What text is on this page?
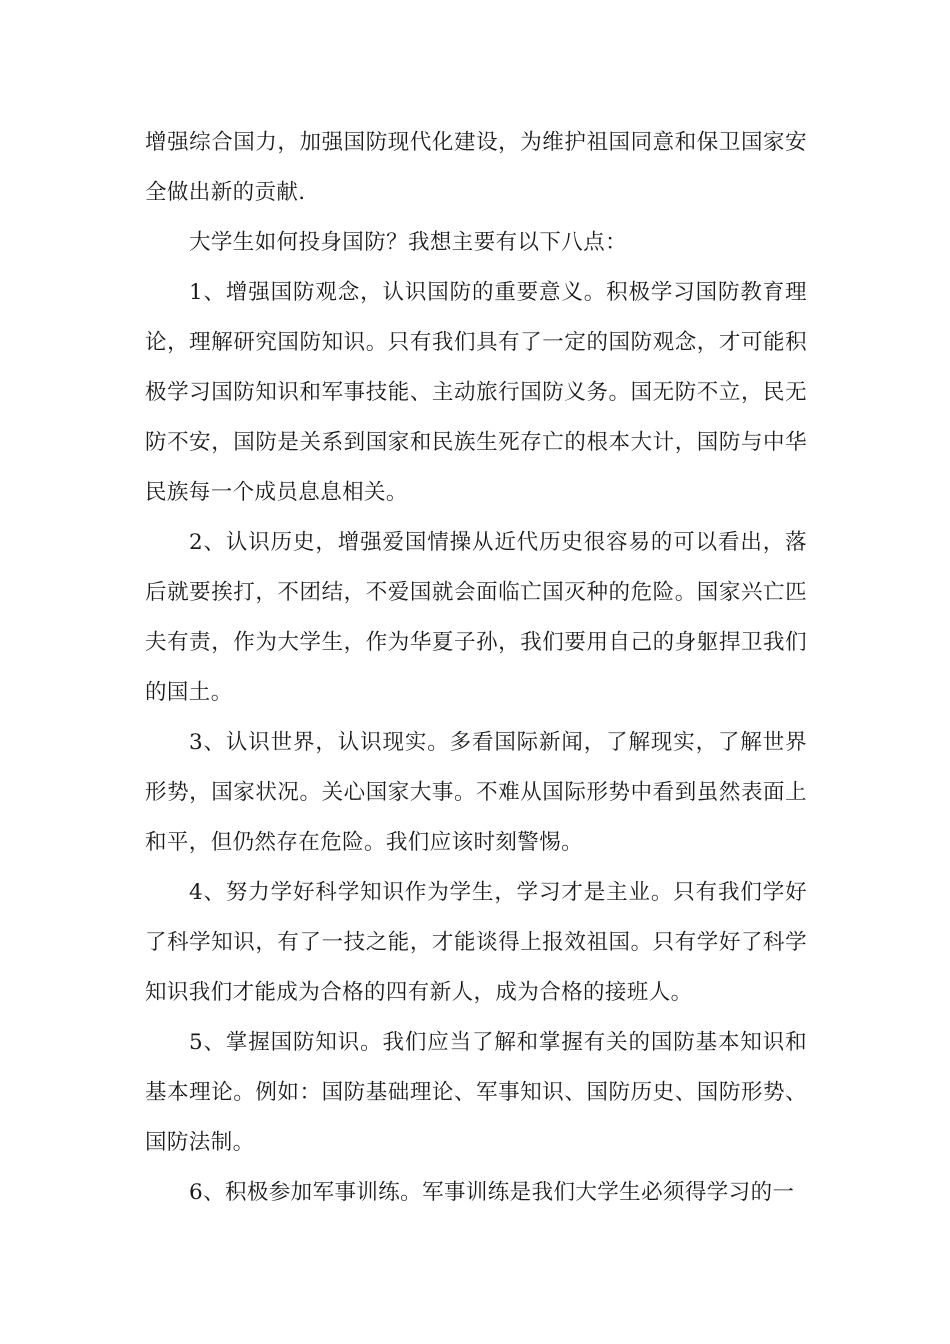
增强综合国力，加强国防现代化建设，为维护祖国同意和保卫国家安全做出新的贡献.

大学生如何投身国防？我想主要有以下八点：

1、增强国防观念，认识国防的重要意义。积极学习国防教育理论，理解研究国防知识。只有我们具有了一定的国防观念，才可能积极学习国防知识和军事技能、主动旅行国防义务。国无防不立，民无防不安，国防是关系到国家和民族生死存亡的根本大计，国防与中华民族每一个成员息息相关。

2、认识历史，增强爱国情操从近代历史很容易的可以看出，落后就要挨打，不团结，不爱国就会面临亡国灭种的危险。国家兴亡匹夫有责，作为大学生，作为华夏子孙，我们要用自己的身躯捍卫我们的国土。

3、认识世界，认识现实。多看国际新闻，了解现实，了解世界形势，国家状况。关心国家大事。不难从国际形势中看到虽然表面上和平，但仍然存在危险。我们应该时刻警惕。

4、努力学好科学知识作为学生，学习才是主业。只有我们学好了科学知识，有了一技之能，才能谈得上报效祖国。只有学好了科学知识我们才能成为合格的四有新人，成为合格的接班人。

5、掌握国防知识。我们应当了解和掌握有关的国防基本知识和基本理论。例如：国防基础理论、军事知识、国防历史、国防形势、国防法制。

6、积极参加军事训练。军事训练是我们大学生必须得学习的一
